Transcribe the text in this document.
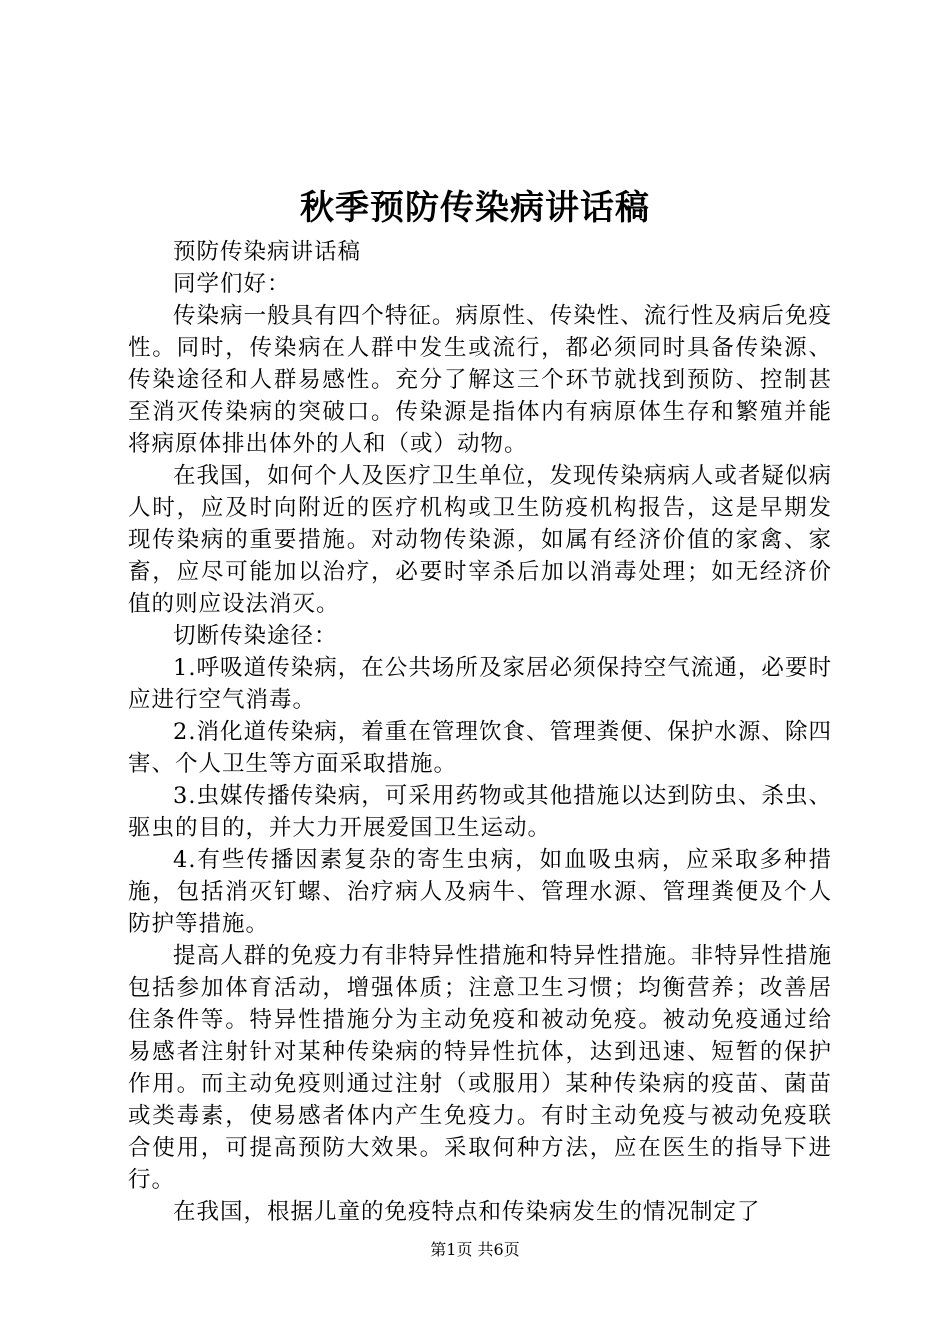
秋季预防传染病讲话稿

预防传染病讲话稿

同学们好：

传染病一般具有四个特征。病原性、传染性、流行性及病后免疫性。同时，传染病在人群中发生或流行，都必须同时具备传染源、传染途径和人群易感性。充分了解这三个环节就找到预防、控制甚至消灭传染病的突破口。传染源是指体内有病原体生存和繁殖并能将病原体排出体外的人和（或）动物。

在我国，如何个人及医疗卫生单位，发现传染病病人或者疑似病人时，应及时向附近的医疗机构或卫生防疫机构报告，这是早期发现传染病的重要措施。对动物传染源，如属有经济价值的家禽、家畜，应尽可能加以治疗，必要时宰杀后加以消毒处理；如无经济价值的则应设法消灭。

切断传染途径：

1.呼吸道传染病，在公共场所及家居必须保持空气流通，必要时应进行空气消毒。

2.消化道传染病，着重在管理饮食、管理粪便、保护水源、除四害、个人卫生等方面采取措施。

3.虫媒传播传染病，可采用药物或其他措施以达到防虫、杀虫、驱虫的目的，并大力开展爱国卫生运动。

4.有些传播因素复杂的寄生虫病，如血吸虫病，应采取多种措施，包括消灭钉螺、治疗病人及病牛、管理水源、管理粪便及个人防护等措施。

提高人群的免疫力有非特异性措施和特异性措施。非特异性措施包括参加体育活动，增强体质；注意卫生习惯；均衡营养；改善居住条件等。特异性措施分为主动免疫和被动免疫。被动免疫通过给易感者注射针对某种传染病的特异性抗体，达到迅速、短暂的保护作用。而主动免疫则通过注射（或服用）某种传染病的疫苗、菌苗或类毒素，使易感者体内产生免疫力。有时主动免疫与被动免疫联合使用，可提高预防大效果。采取何种方法，应在医生的指导下进行。

在我国，根据儿童的免疫特点和传染病发生的情况制定了

第1页 共6页
